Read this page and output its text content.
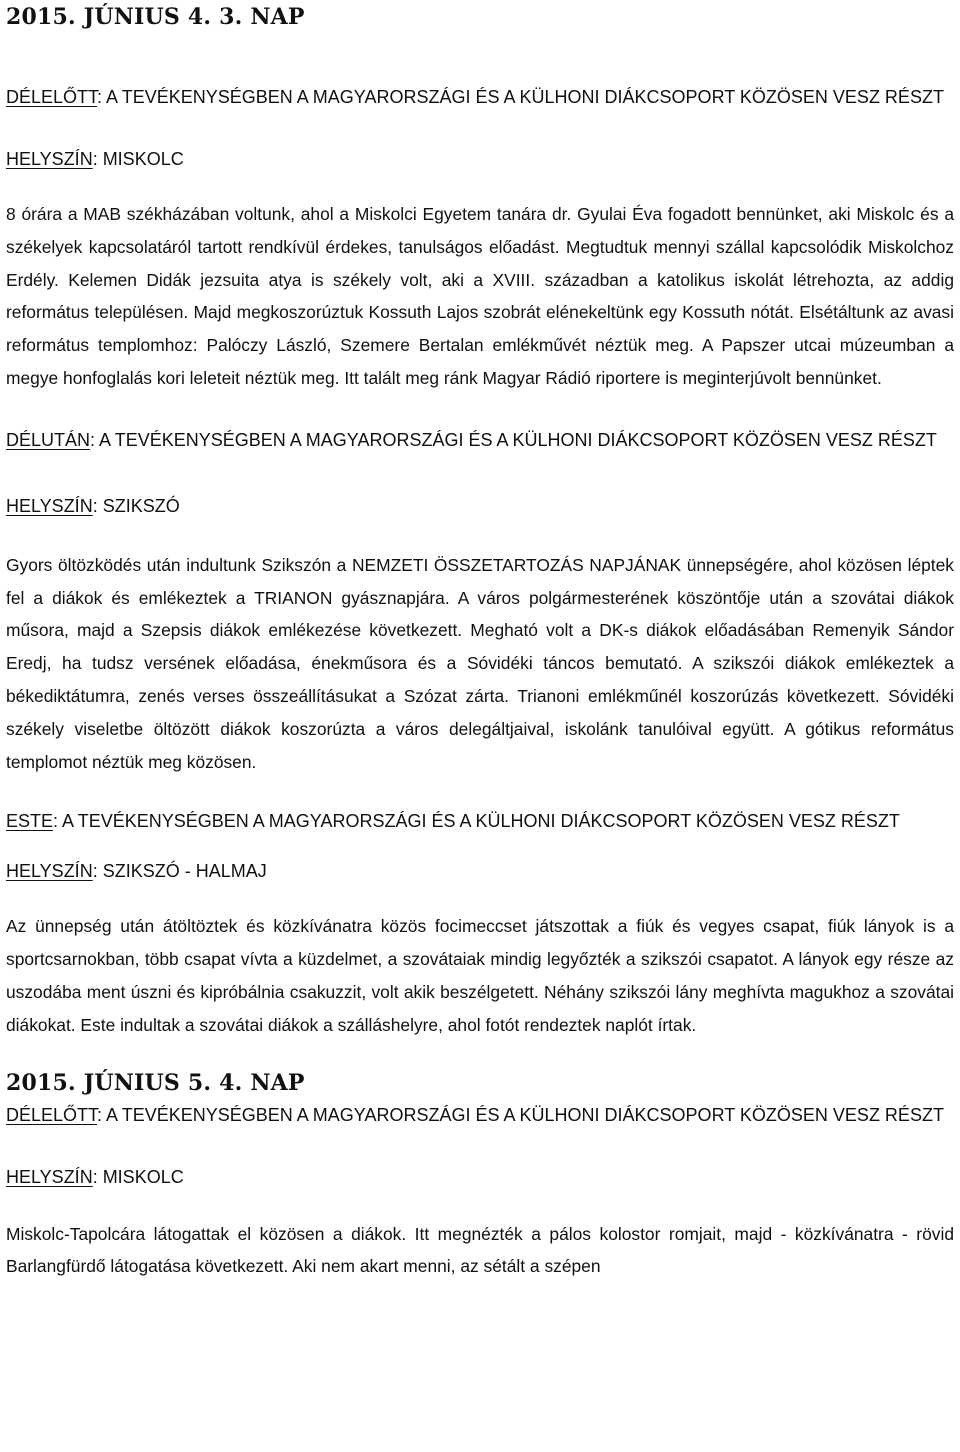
2015. JÚNIUS 4. 3. NAP

DÉLELŐTT: A TEVÉKENYSÉGBEN A MAGYARORSZÁGI ÉS A KÜLHONI DIÁKCSOPORT KÖZÖSEN VESZ RÉSZT

HELYSZÍN: MISKOLC

8 órára a MAB székházában voltunk, ahol a Miskolci Egyetem tanára dr. Gyulai Éva fogadott bennünket, aki Miskolc és a székelyek kapcsolatáról tartott rendkívül érdekes, tanulságos előadást. Megtudtuk mennyi szállal kapcsolódik Miskolchoz Erdély. Kelemen Didák jezsuita atya is székely volt, aki a XVIII. században a katolikus iskolát létrehozta, az addig református településen. Majd megkoszorúztuk Kossuth Lajos szobrát elénekeltünk egy Kossuth nótát. Elsétáltunk az avasi református templomhoz: Palóczy László, Szemere Bertalan emlékművét néztük meg. A Papszer utcai múzeumban a megye honfoglalás kori leleteit néztük meg. Itt talált meg ránk Magyar Rádió riportere is meginterjúvolt bennünket.

DÉLUTÁN: A TEVÉKENYSÉGBEN A MAGYARORSZÁGI ÉS A KÜLHONI DIÁKCSOPORT KÖZÖSEN VESZ RÉSZT

HELYSZÍN: SZIKSZÓ

Gyors öltözködés után indultunk Szikszón a NEMZETI ÖSSZETARTOZÁS NAPJÁNAK ünnepségére, ahol közösen léptek fel a diákok és emlékeztek a TRIANON gyásznapjára. A város polgármesterének köszöntője után a szovátai diákok műsora, majd a Szepsis diákok emlékezése következett. Megható volt a DK-s diákok előadásában Remenyik Sándor Eredj, ha tudsz versének előadása, énekműsora és a Sóvidéki táncos bemutató. A szikszói diákok emlékeztek a békediktátumra, zenés verses összeállításukat a Szózat zárta. Trianoni emlékműnél koszorúzás következett. Sóvidéki székely viseletbe öltözött diákok koszorúzta a város delegáltjaival, iskolánk tanulóival együtt. A gótikus református templomot néztük meg közösen.

ESTE: A TEVÉKENYSÉGBEN A MAGYARORSZÁGI ÉS A KÜLHONI DIÁKCSOPORT KÖZÖSEN VESZ RÉSZT

HELYSZÍN: SZIKSZÓ - HALMAJ

Az ünnepség után átöltöztek és közkívánatra közös focimeccset játszottak a fiúk és vegyes csapat, fiúk lányok is a sportcsarnokban, több csapat vívta a küzdelmet, a szovátaiak mindig legyőzték a szikszói csapatot. A lányok egy része az uszodába ment úszni és kipróbálnia csakuzzit, volt akik beszélgetett. Néhány szikszói lány meghívta magukhoz a szovátai diákokat. Este indultak a szovátai diákok a szálláshelyre, ahol fotót rendeztek naplót írtak.

2015. JÚNIUS 5. 4. NAP

DÉLELŐTT: A TEVÉKENYSÉGBEN A MAGYARORSZÁGI ÉS A KÜLHONI DIÁKCSOPORT KÖZÖSEN VESZ RÉSZT

HELYSZÍN: MISKOLC

Miskolc-Tapolcára látogattak el közösen a diákok. Itt megnézték a pálos kolostor romjait, majd - közkívánatra - rövid Barlangfürdő látogatása következett. Aki nem akart menni, az sétált a szépen
